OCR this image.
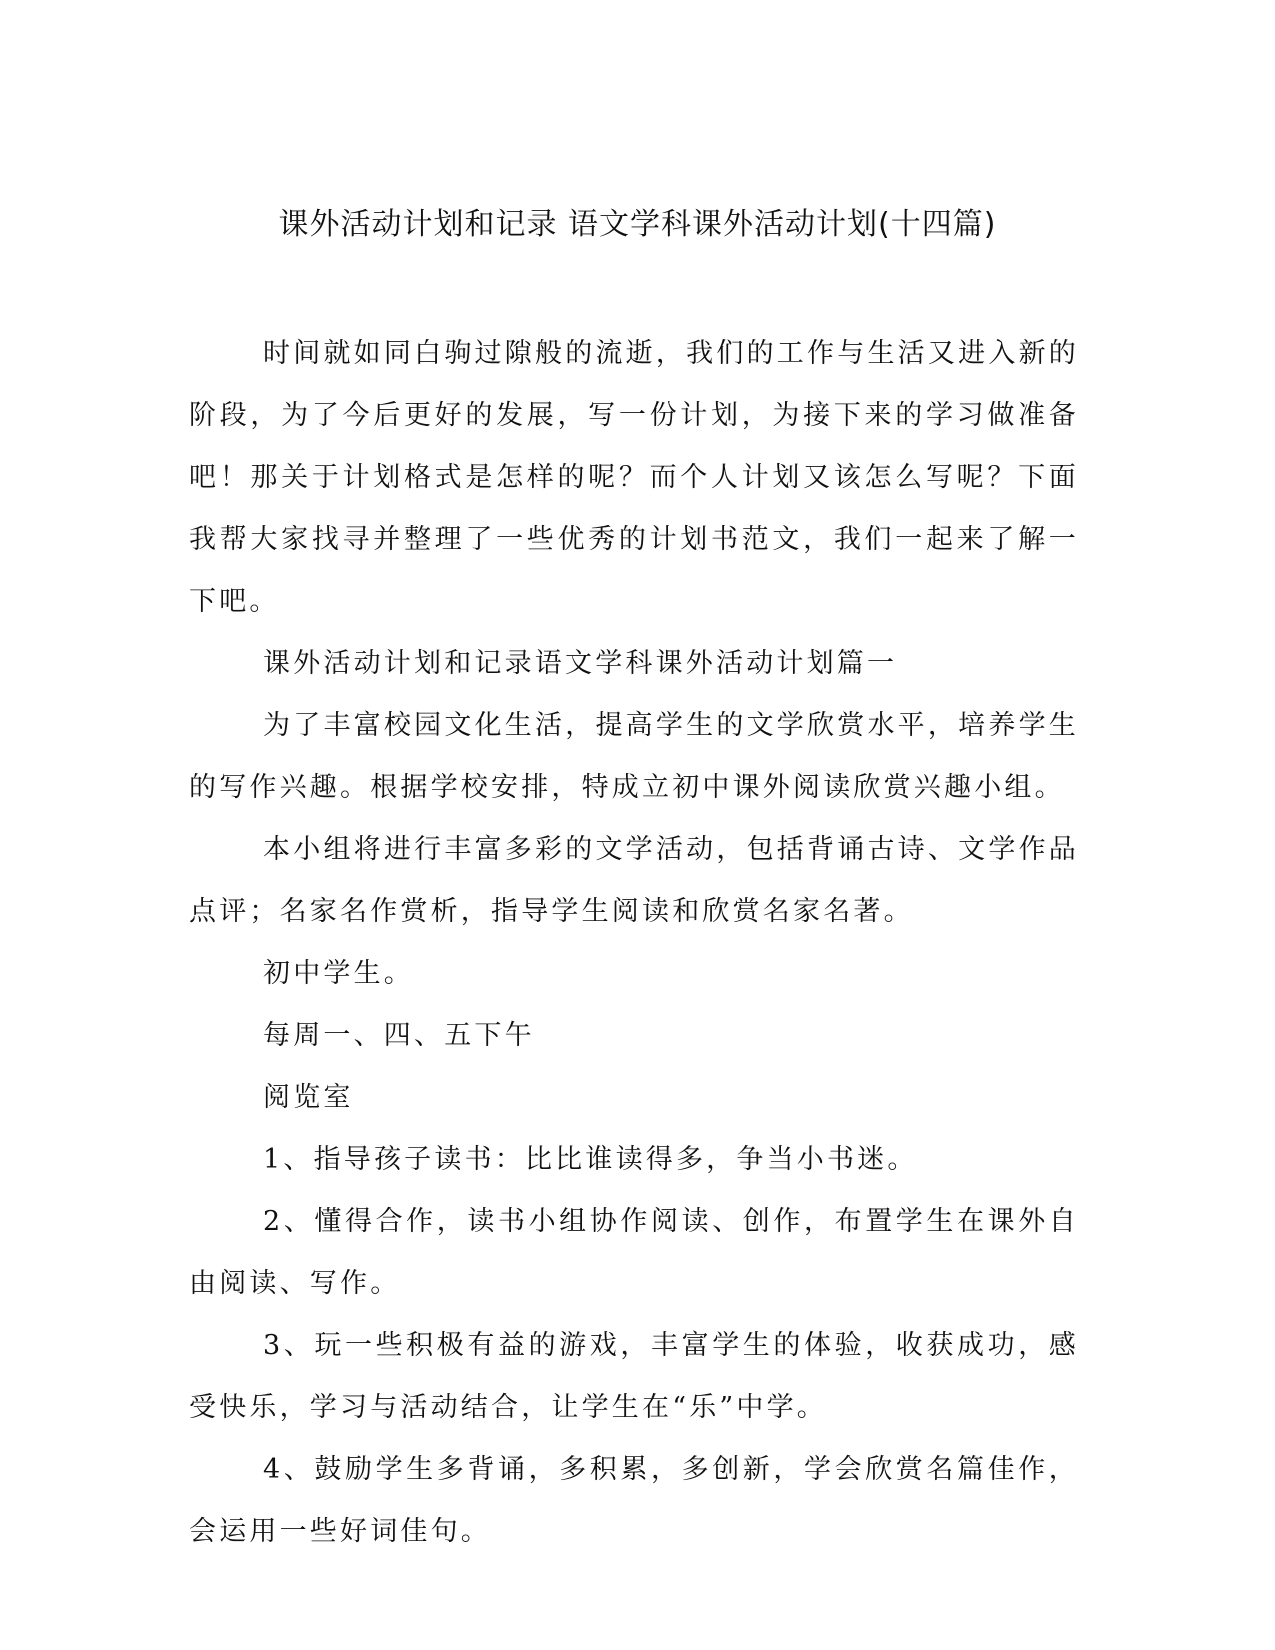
课外活动计划和记录 语文学科课外活动计划(十四篇)

时间就如同白驹过隙般的流逝，我们的工作与生活又进入新的阶段，为了今后更好的发展，写一份计划，为接下来的学习做准备吧！那关于计划格式是怎样的呢？而个人计划又该怎么写呢？下面我帮大家找寻并整理了一些优秀的计划书范文，我们一起来了解一下吧。

课外活动计划和记录语文学科课外活动计划篇一

为了丰富校园文化生活，提高学生的文学欣赏水平，培养学生的写作兴趣。根据学校安排，特成立初中课外阅读欣赏兴趣小组。

本小组将进行丰富多彩的文学活动，包括背诵古诗、文学作品点评；名家名作赏析，指导学生阅读和欣赏名家名著。

初中学生。

每周一、四、五下午

阅览室

1、指导孩子读书：比比谁读得多，争当小书迷。

2、懂得合作，读书小组协作阅读、创作，布置学生在课外自由阅读、写作。

3、玩一些积极有益的游戏，丰富学生的体验，收获成功，感受快乐，学习与活动结合，让学生在“乐”中学。

4、鼓励学生多背诵，多积累，多创新，学会欣赏名篇佳作，会运用一些好词佳句。
